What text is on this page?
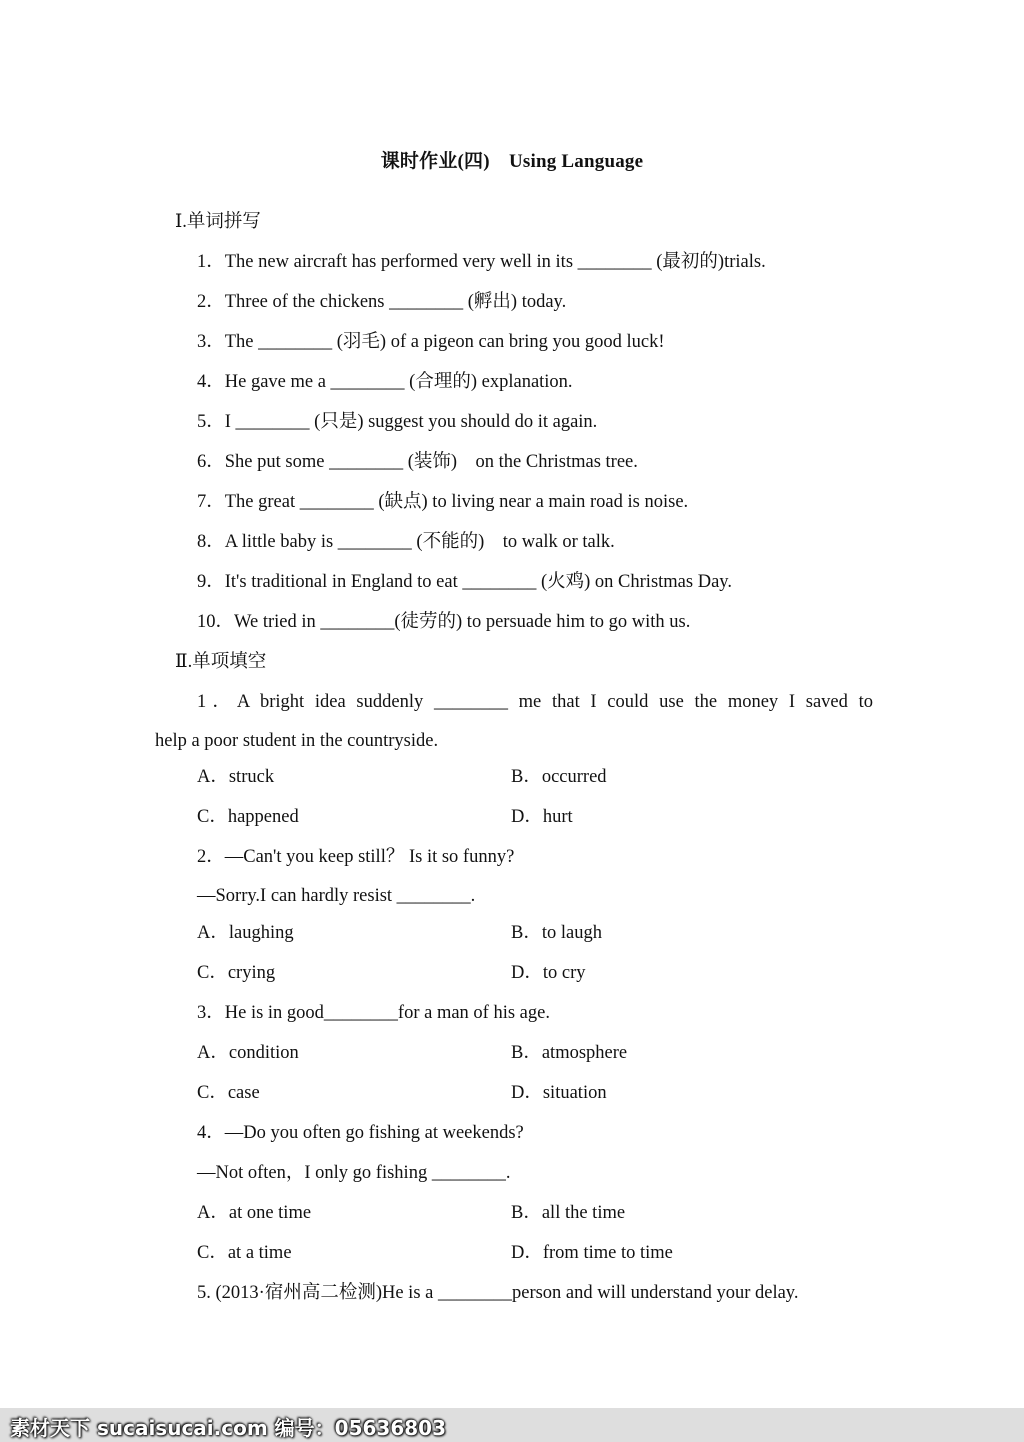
课时作业(四)　Using Language
Ⅰ.单词拼写
1．The new aircraft has performed very well in its ________ (最初的)trials.
2．Three of the chickens ________ (孵出) today.
3．The ________ (羽毛) of a pigeon can bring you good luck!
4．He gave me a ________ (合理的) explanation.
5．I ________ (只是) suggest you should do it again.
6．She put some ________ (装饰)　on the Christmas tree.
7．The great ________ (缺点) to living near a main road is noise.
8．A little baby is ________ (不能的)　to walk or talk.
9．It's traditional in England to eat ________ (火鸡) on Christmas Day.
10．We tried in ________(徒劳的) to persuade him to go with us.
Ⅱ.单项填空
1．A bright idea suddenly ________ me that I could use the money I saved to
help a poor student in the countryside.
A．struck	B．occurred
C．happened	D．hurt
2．—Can't you keep still？ Is it so funny?
—Sorry.I can hardly resist ________.
A．laughing	B．to laugh
C．crying	D．to cry
3．He is in good________for a man of his age.
A．condition	B．atmosphere
C．case	D．situation
4．—Do you often go fishing at weekends?
—Not often，I only go fishing ________.
A．at one time	B．all the time
C．at a time	D．from time to time
5. (2013·宿州高二检测)He is a ________person and will understand your delay.
素材天下 sucaisucai.com 编号：05636803
